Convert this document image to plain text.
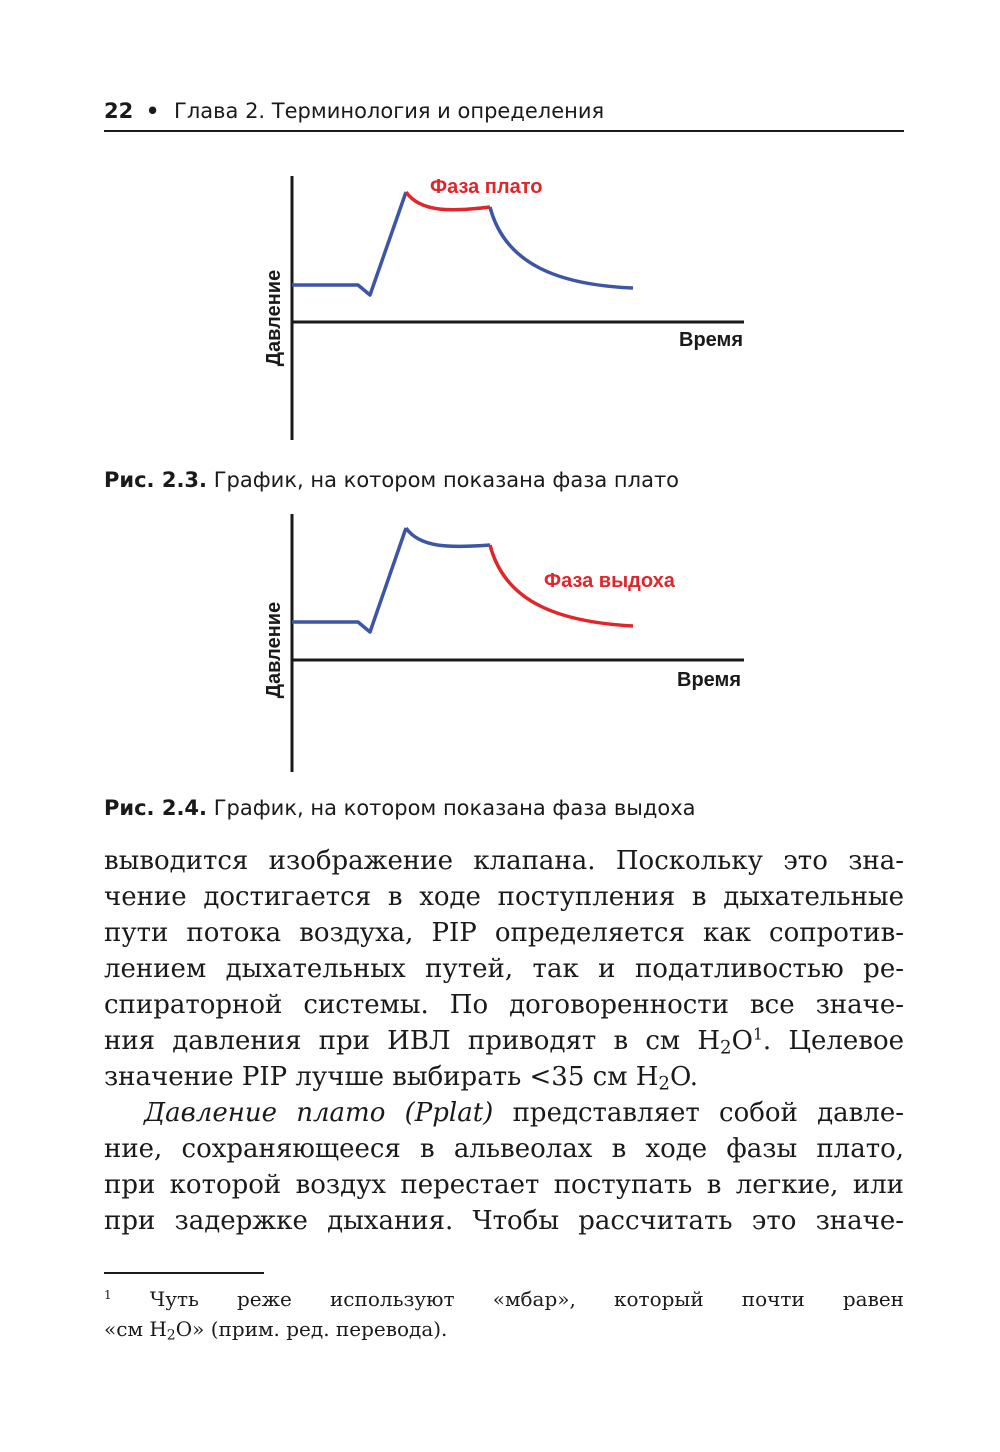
22 • Глава 2. Терминология и определения
Давление	Время
Фаза плато
Рис. 2.3. График, на котором показана фаза плато
Давление	Время
Фаза выдоха
Рис. 2.4. График, на котором показана фаза выдоха

выводится изображение клапана. Поскольку это зна-
чение достигается в ходе поступления в дыхательные
пути потока воздуха, PIP определяется как сопротив-
лением дыхательных путей, так и податливостью ре-
спираторной системы. По договоренности все значе-
ния давления при ИВЛ приводят в см $H_2O^1$. Целевое
значение PIP лучше выбирать <35 см $H_2O$.

Давление плато (Pplat) представляет собой давле-
ние, сохраняющееся в альвеолах в ходе фазы плато,
при которой воздух перестает поступать в легкие, или
при задержке дыхания. Чтобы рассчитать это значе-

$^1$ Чуть реже используют «мбар», который почти равен
«см $H_2O$» (прим. ред. перевода).
